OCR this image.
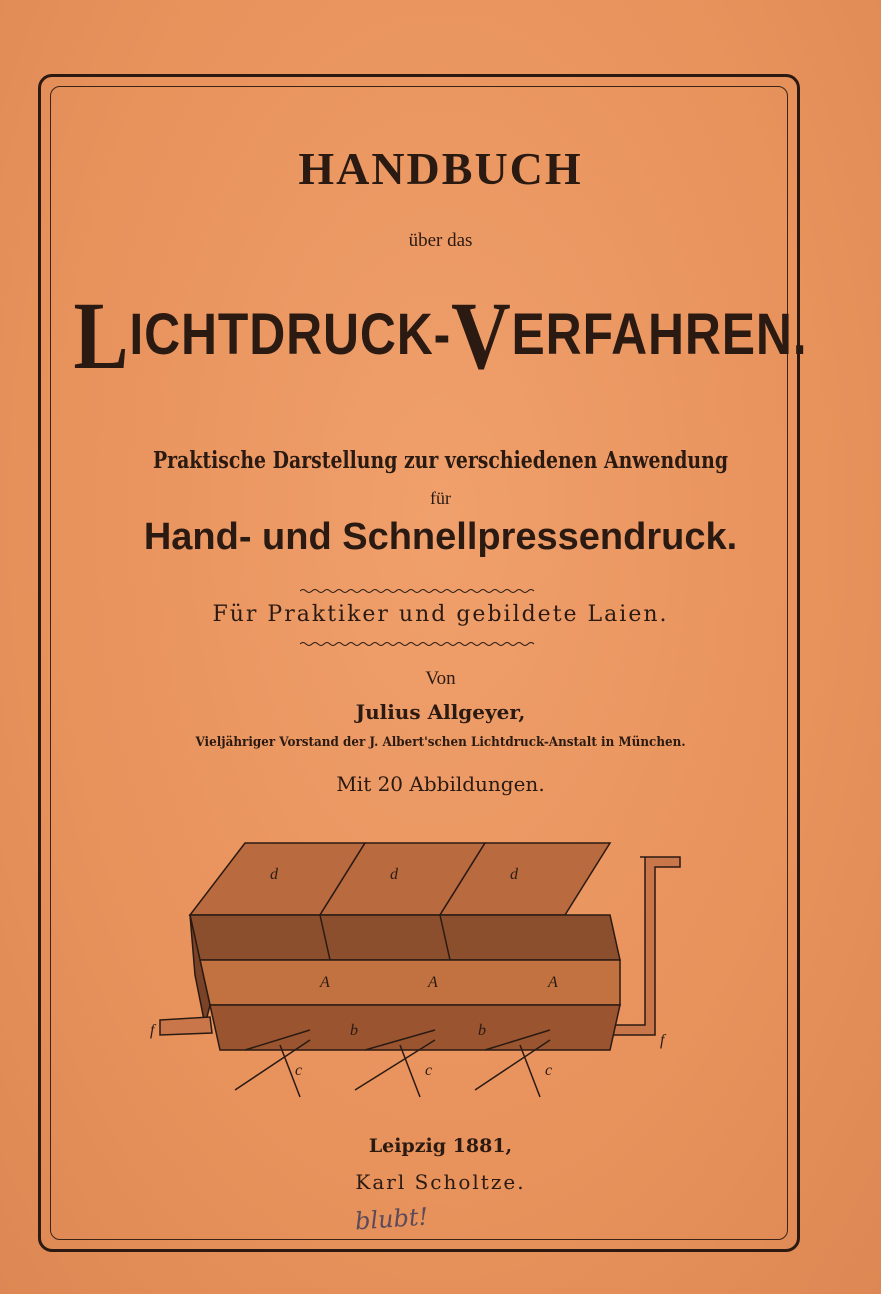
HANDBUCH
über das
LICHTDRUCK-VERFAHREN.
Praktische Darstellung zur verschiedenen Anwendung
für
Hand- und Schnellpressendruck.
Für Praktiker und gebildete Laien.
Von
Julius Allgeyer,
Vieljähriger Vorstand der J. Albert'schen Lichtdruck-Anstalt in München.
Mit 20 Abbildungen.
d	d	d
A	A	A
b	b
c	c	c
f
f
Leipzig 1881,
Karl Scholtze.
blubt!
